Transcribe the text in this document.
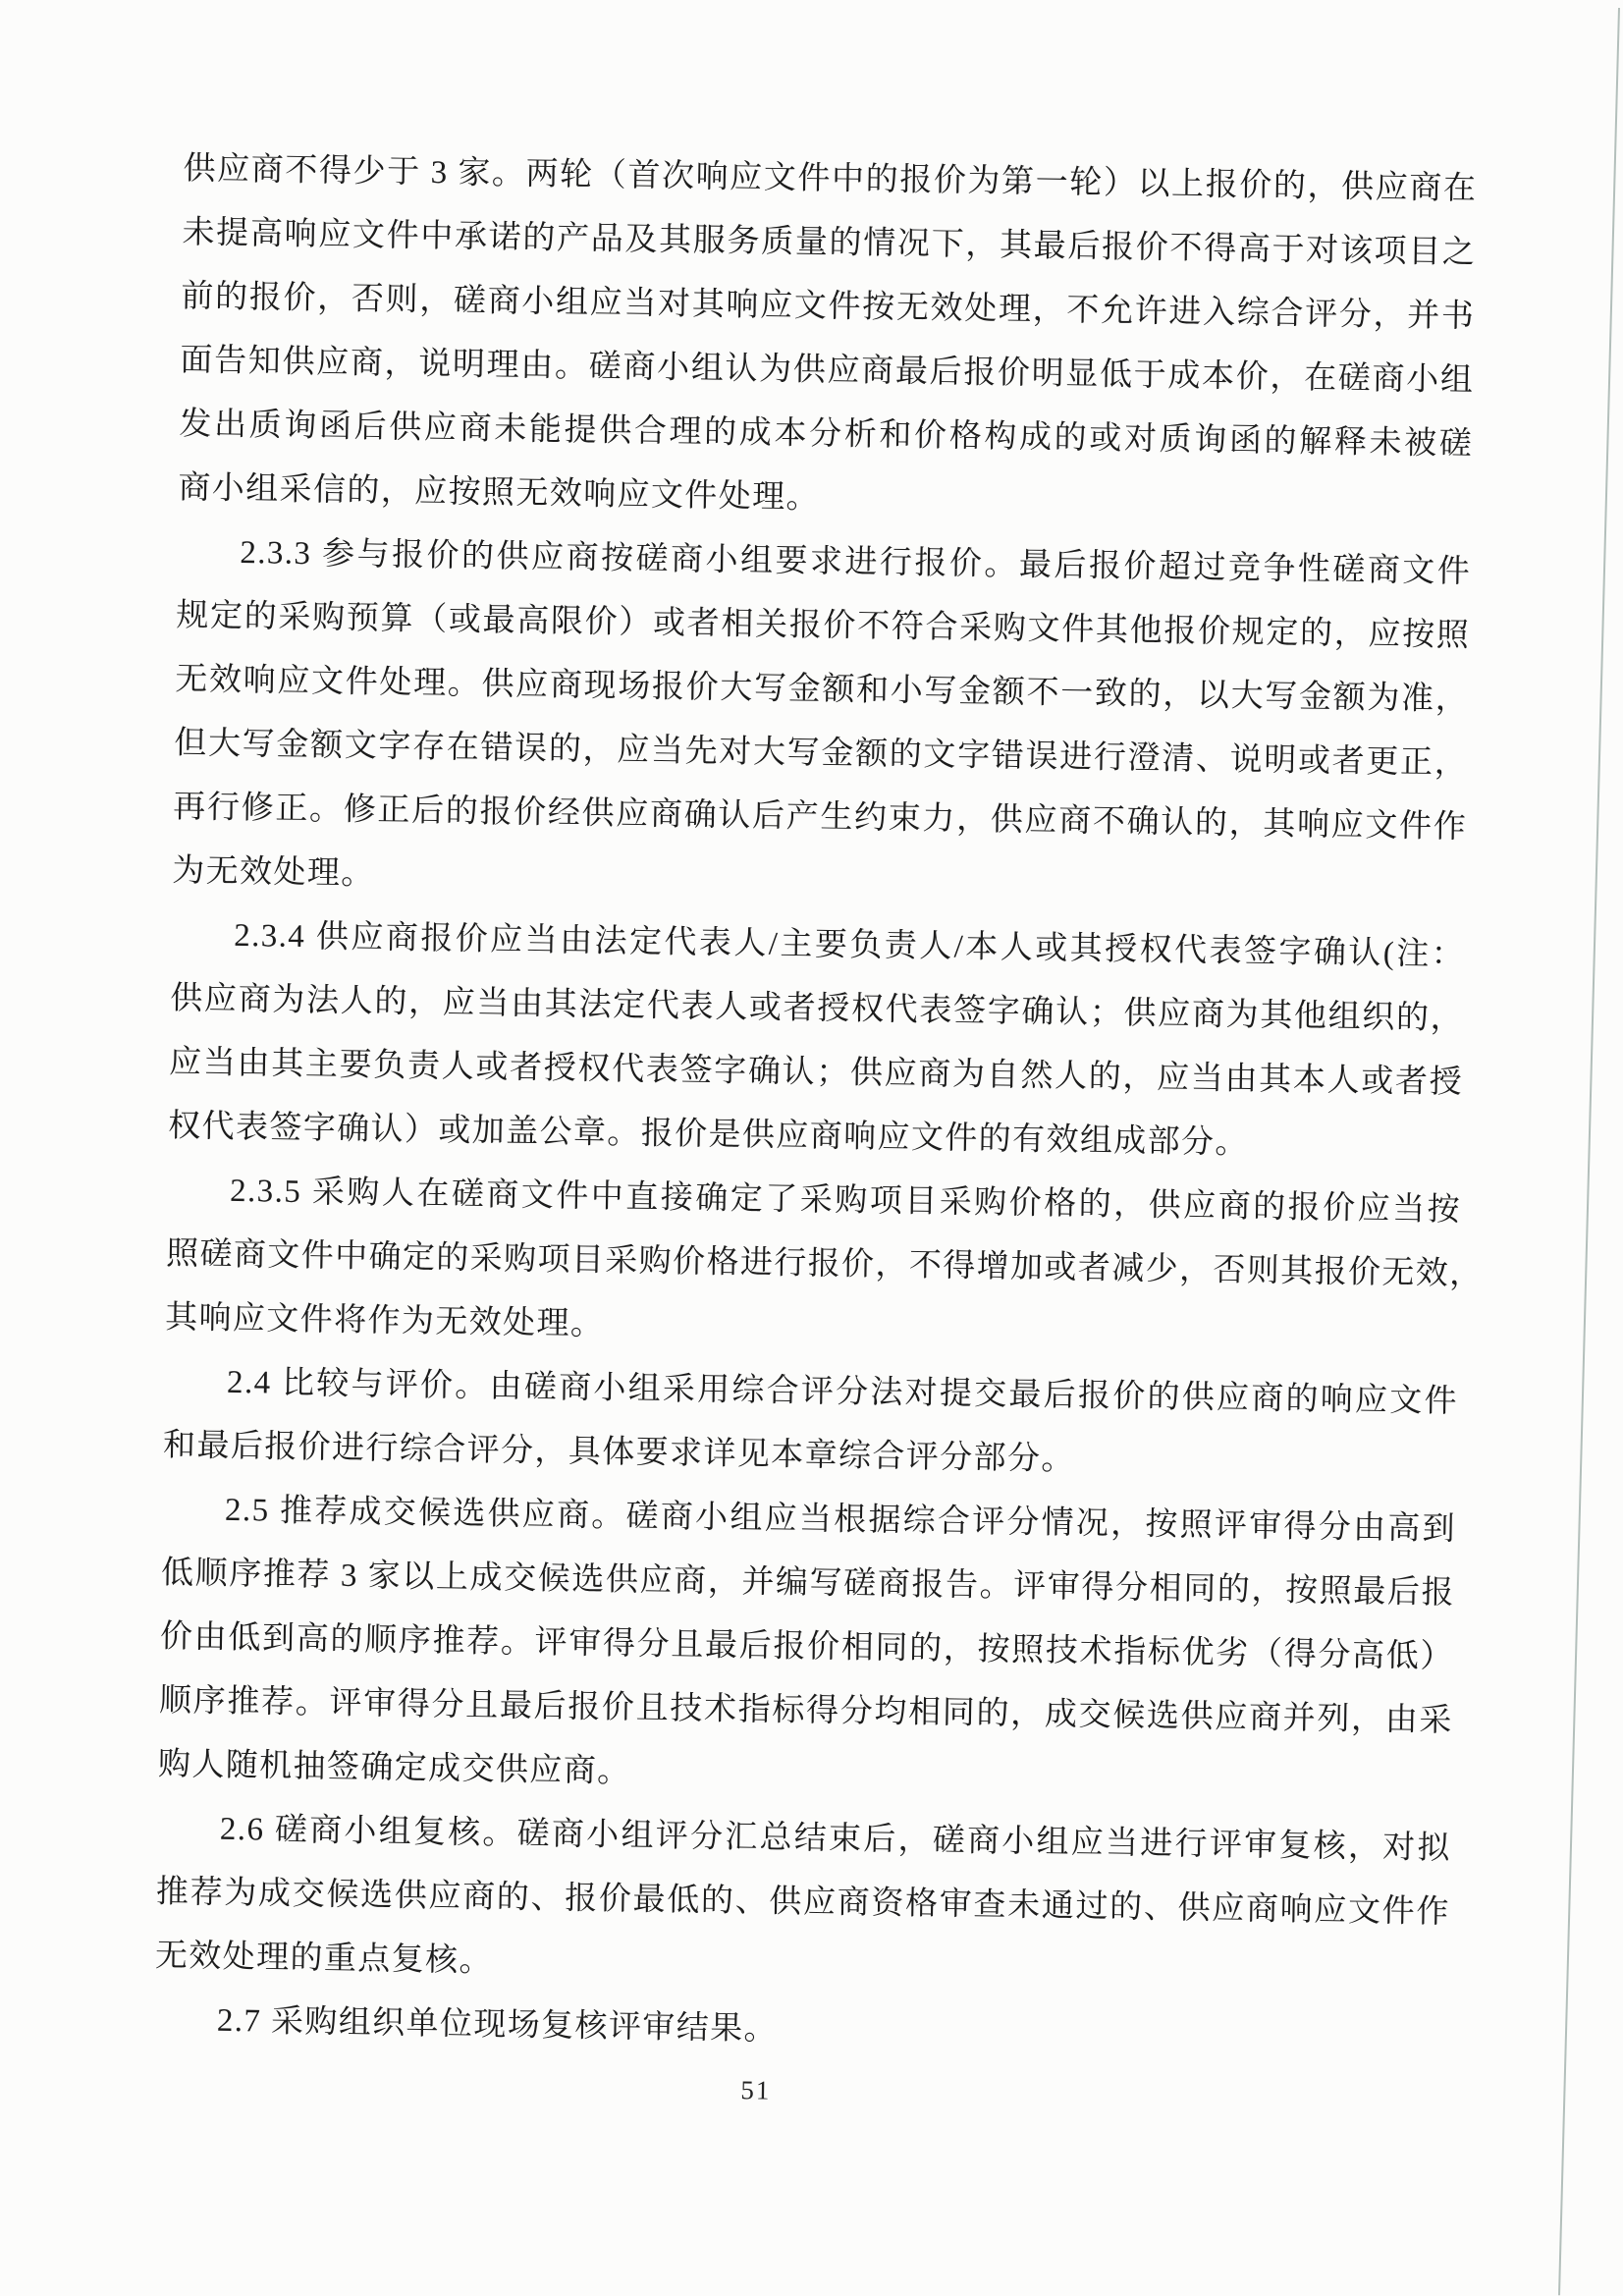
供应商不得少于 3 家。两轮（首次响应文件中的报价为第一轮）以上报价的，供应商在
未提高响应文件中承诺的产品及其服务质量的情况下，其最后报价不得高于对该项目之
前的报价，否则，磋商小组应当对其响应文件按无效处理，不允许进入综合评分，并书
面告知供应商，说明理由。磋商小组认为供应商最后报价明显低于成本价，在磋商小组
发出质询函后供应商未能提供合理的成本分析和价格构成的或对质询函的解释未被磋
商小组采信的，应按照无效响应文件处理。
2.3.3 参与报价的供应商按磋商小组要求进行报价。最后报价超过竞争性磋商文件
规定的采购预算（或最高限价）或者相关报价不符合采购文件其他报价规定的，应按照
无效响应文件处理。供应商现场报价大写金额和小写金额不一致的，以大写金额为准，
但大写金额文字存在错误的，应当先对大写金额的文字错误进行澄清、说明或者更正，
再行修正。修正后的报价经供应商确认后产生约束力，供应商不确认的，其响应文件作
为无效处理。
2.3.4 供应商报价应当由法定代表人/主要负责人/本人或其授权代表签字确认(注：
供应商为法人的，应当由其法定代表人或者授权代表签字确认；供应商为其他组织的，
应当由其主要负责人或者授权代表签字确认；供应商为自然人的，应当由其本人或者授
权代表签字确认）或加盖公章。报价是供应商响应文件的有效组成部分。
2.3.5 采购人在磋商文件中直接确定了采购项目采购价格的，供应商的报价应当按
照磋商文件中确定的采购项目采购价格进行报价，不得增加或者减少，否则其报价无效，
其响应文件将作为无效处理。
2.4 比较与评价。由磋商小组采用综合评分法对提交最后报价的供应商的响应文件
和最后报价进行综合评分，具体要求详见本章综合评分部分。
2.5 推荐成交候选供应商。磋商小组应当根据综合评分情况，按照评审得分由高到
低顺序推荐 3 家以上成交候选供应商，并编写磋商报告。评审得分相同的，按照最后报
价由低到高的顺序推荐。评审得分且最后报价相同的，按照技术指标优劣（得分高低）
顺序推荐。评审得分且最后报价且技术指标得分均相同的，成交候选供应商并列，由采
购人随机抽签确定成交供应商。
2.6 磋商小组复核。磋商小组评分汇总结束后，磋商小组应当进行评审复核，对拟
推荐为成交候选供应商的、报价最低的、供应商资格审查未通过的、供应商响应文件作
无效处理的重点复核。
2.7 采购组织单位现场复核评审结果。
51
